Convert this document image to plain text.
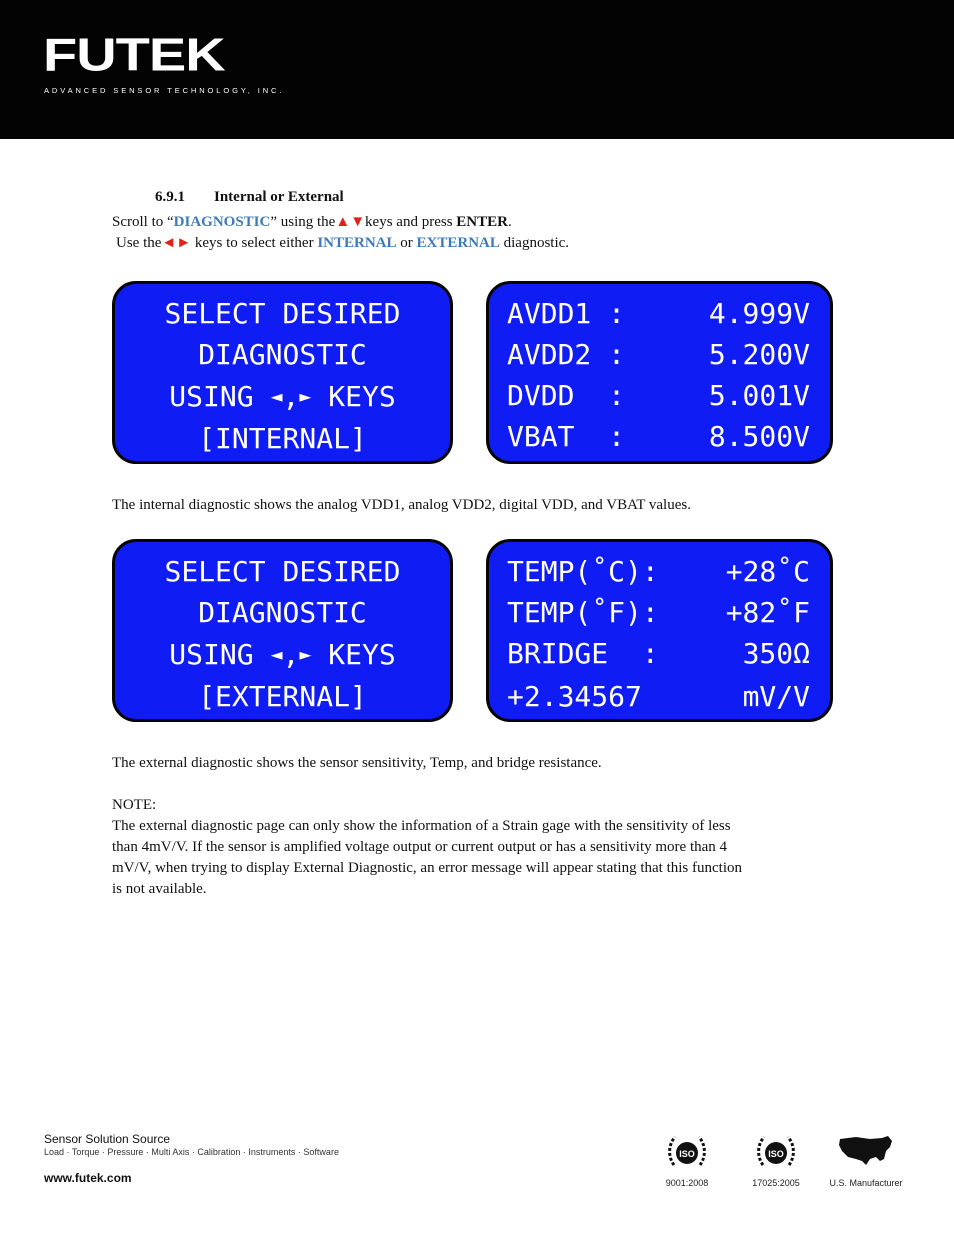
FUTEK
ADVANCED SENSOR TECHNOLOGY, INC.
6.9.1 Internal or External
Scroll to “DIAGNOSTIC” using the▲▼keys and press ENTER.
Use the◄► keys to select either INTERNAL or EXTERNAL diagnostic.
SELECT DESIRED
DIAGNOSTIC
USING ◄,► KEYS
[INTERNAL]
AVDD1 :	4.999V
AVDD2 :	5.200V
DVDD  :	5.001V
VBAT  :	8.500V
The internal diagnostic shows the analog VDD1, analog VDD2, digital VDD, and VBAT values.
SELECT DESIRED
DIAGNOSTIC
USING ◄,► KEYS
[EXTERNAL]
TEMP(˚C): +28˚C
TEMP(˚F): +82˚F
BRIDGE  :	350Ω
+2.34567	mV/V
The external diagnostic shows the sensor sensitivity, Temp, and bridge resistance.
NOTE:
The external diagnostic page can only show the information of a Strain gage with the sensitivity of less
than 4mV/V. If the sensor is amplified voltage output or current output or has a sensitivity more than 4
mV/V, when trying to display External Diagnostic, an error message will appear stating that this function
is not available.
Sensor Solution Source
Load · Torque · Pressure · Multi Axis · Calibration · Instruments · Software
www.futek.com
ISO
9001:2008
ISO
17025:2005	U.S. Manufacturer
